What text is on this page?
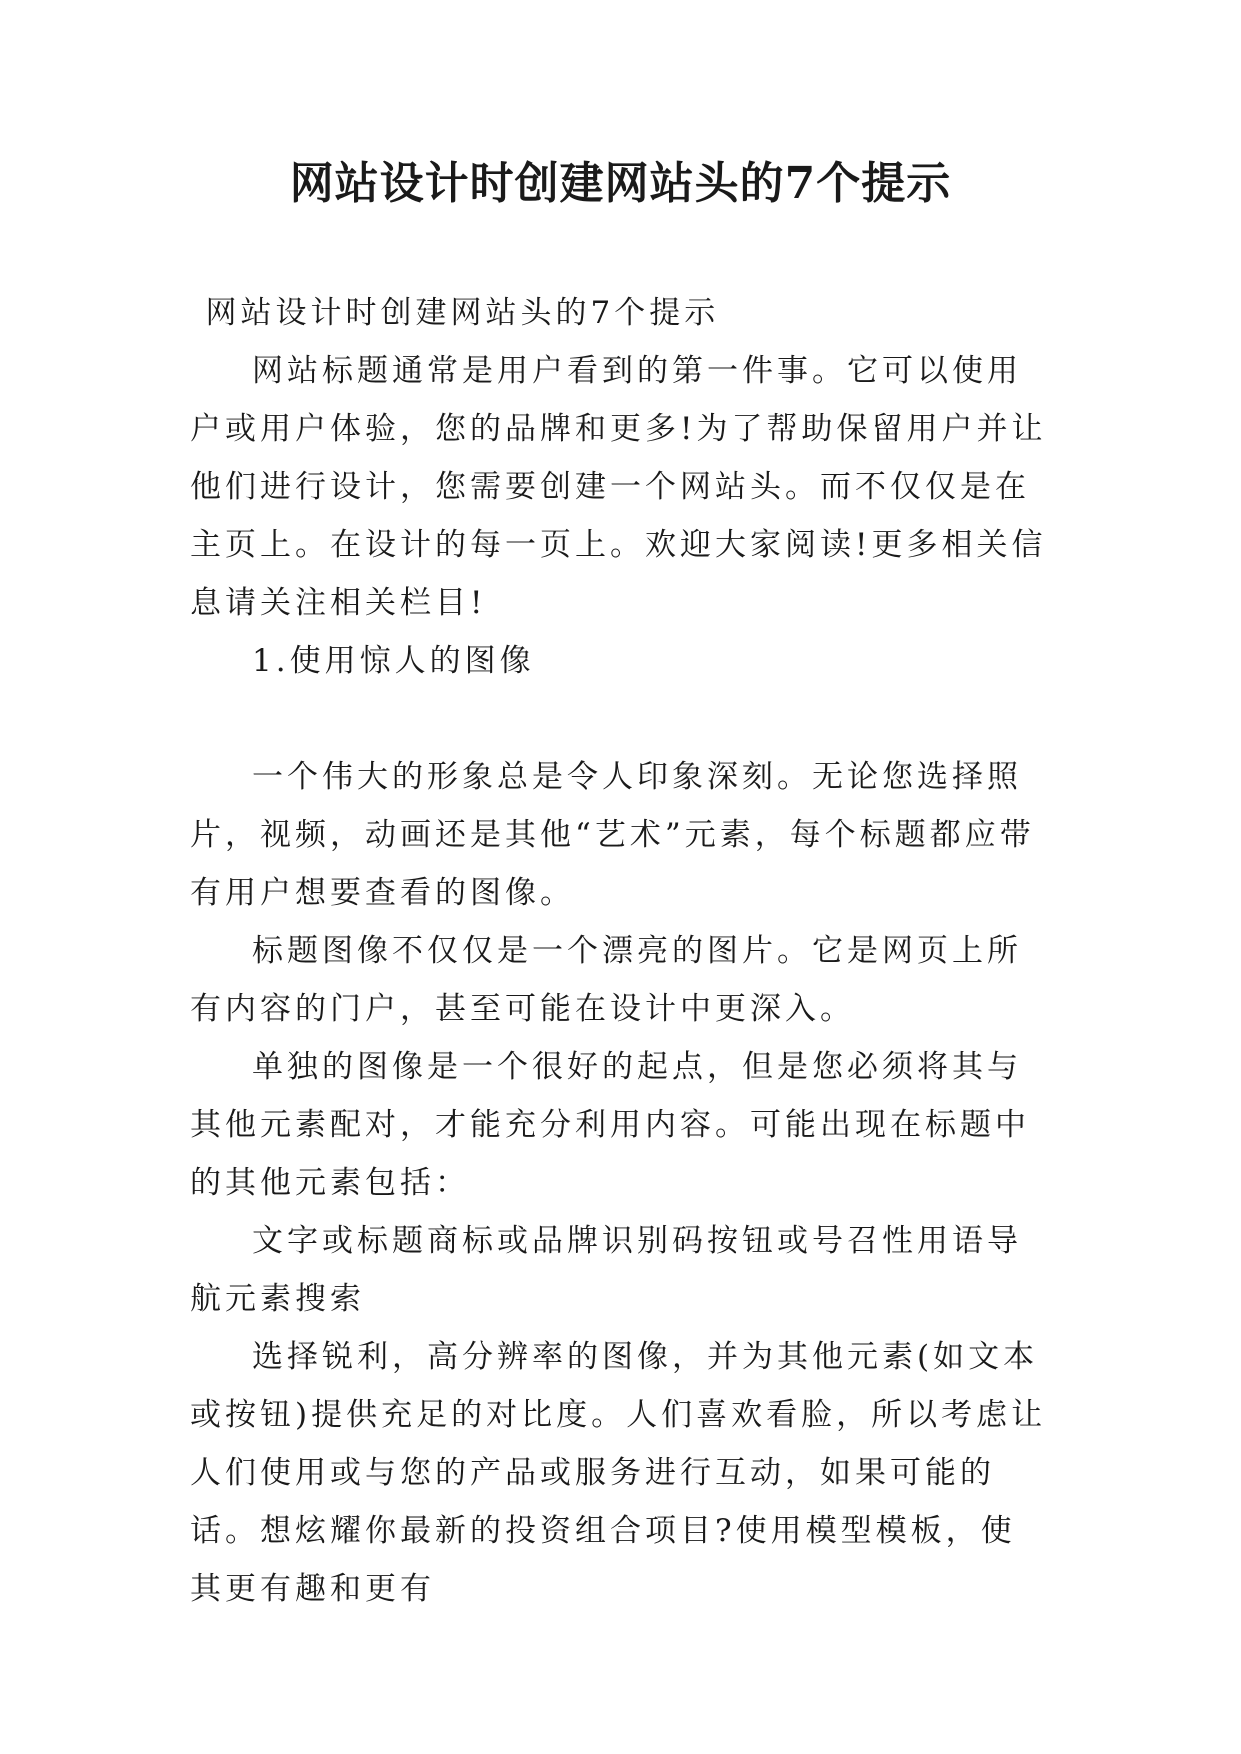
网站设计时创建网站头的7个提示

网站设计时创建网站头的7个提示

网站标题通常是用户看到的第一件事。它可以使用户或用户体验，您的品牌和更多!为了帮助保留用户并让他们进行设计，您需要创建一个网站头。而不仅仅是在主页上。在设计的每一页上。欢迎大家阅读!更多相关信息请关注相关栏目!

1.使用惊人的图像

一个伟大的形象总是令人印象深刻。无论您选择照片，视频，动画还是其他“艺术”元素，每个标题都应带有用户想要查看的图像。

标题图像不仅仅是一个漂亮的图片。它是网页上所有内容的门户，甚至可能在设计中更深入。

单独的图像是一个很好的起点，但是您必须将其与其他元素配对，才能充分利用内容。可能出现在标题中的其他元素包括：

文字或标题商标或品牌识别码按钮或号召性用语导航元素搜索

选择锐利，高分辨率的图像，并为其他元素(如文本或按钮)提供充足的对比度。人们喜欢看脸，所以考虑让人们使用或与您的产品或服务进行互动，如果可能的话。想炫耀你最新的投资组合项目?使用模型模板，使其更有趣和更有
